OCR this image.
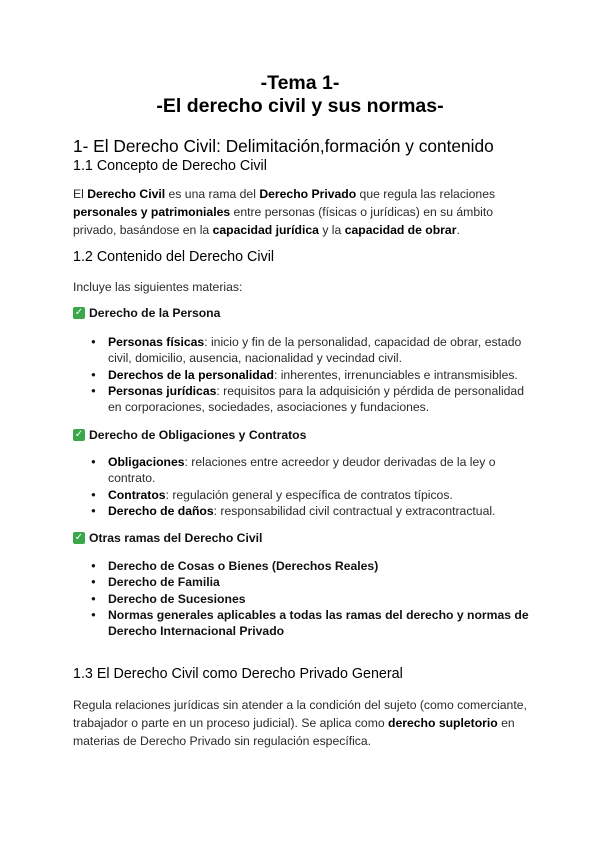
-Tema 1-
-El derecho civil y sus normas-
1- El Derecho Civil: Delimitación,formación y contenido
1.1 Concepto de Derecho Civil

El Derecho Civil es una rama del Derecho Privado que regula las relaciones personales y patrimoniales entre personas (físicas o jurídicas) en su ámbito privado, basándose en la capacidad jurídica y la capacidad de obrar.

1.2 Contenido del Derecho Civil

Incluye las siguientes materias:

✓ Derecho de la Persona
● Personas físicas: inicio y fin de la personalidad, capacidad de obrar, estado civil, domicilio, ausencia, nacionalidad y vecindad civil.
● Derechos de la personalidad: inherentes, irrenunciables e intransmisibles.
● Personas jurídicas: requisitos para la adquisición y pérdida de personalidad en corporaciones, sociedades, asociaciones y fundaciones.
✓ Derecho de Obligaciones y Contratos
● Obligaciones: relaciones entre acreedor y deudor derivadas de la ley o contrato.
● Contratos: regulación general y específica de contratos típicos.
● Derecho de daños: responsabilidad civil contractual y extracontractual.
✓ Otras ramas del Derecho Civil
● Derecho de Cosas o Bienes (Derechos Reales)
● Derecho de Familia
● Derecho de Sucesiones
● Normas generales aplicables a todas las ramas del derecho y normas de Derecho Internacional Privado
1.3 El Derecho Civil como Derecho Privado General

Regula relaciones jurídicas sin atender a la condición del sujeto (como comerciante, trabajador o parte en un proceso judicial). Se aplica como derecho supletorio en materias de Derecho Privado sin regulación específica.
